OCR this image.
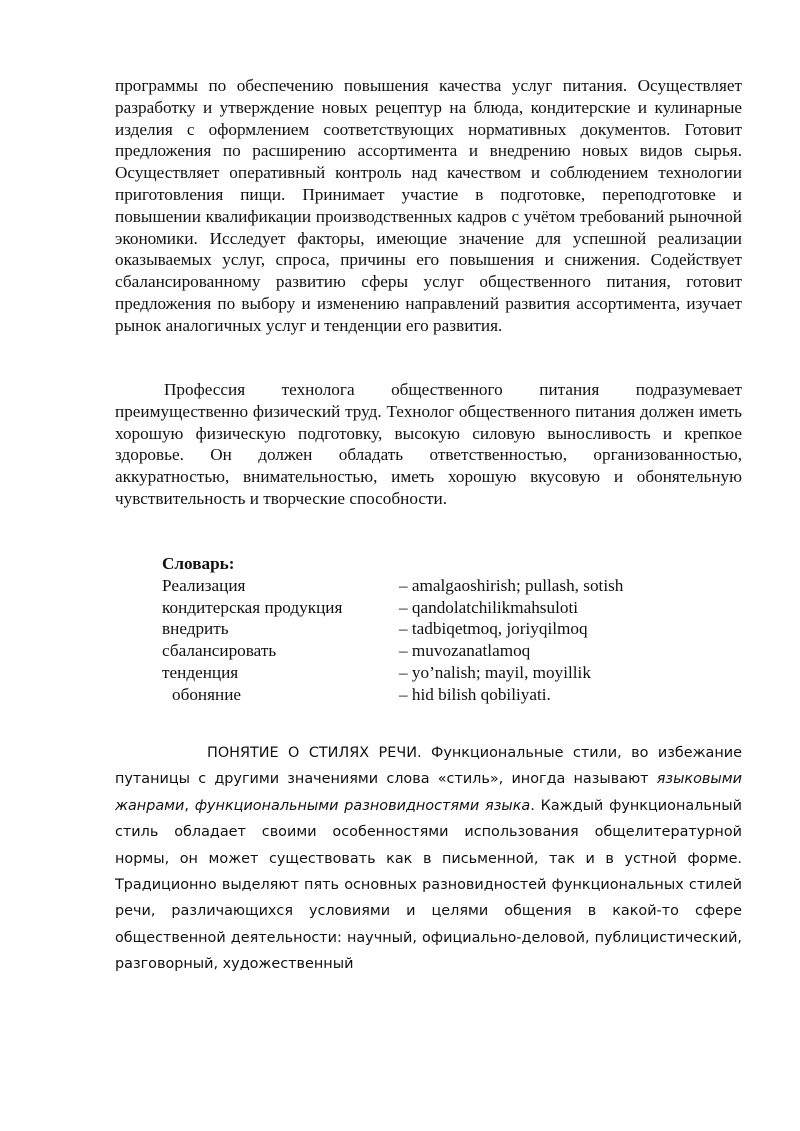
программы по обеспечению повышения качества услуг питания. Осуществляет разработку и утверждение новых рецептур на блюда, кондитерские и кулинарные изделия с оформлением соответствующих нормативных документов. Готовит предложения по расширению ассортимента и внедрению новых видов сырья. Осуществляет оперативный контроль над качеством и соблюдением технологии приготовления пищи. Принимает участие в подготовке, переподготовке и повышении квалификации производственных кадров с учётом требований рыночной экономики. Исследует факторы, имеющие значение для успешной реализации оказываемых услуг, спроса, причины его повышения и снижения. Содействует сбалансированному развитию сферы услуг общественного питания, готовит предложения по выбору и изменению направлений развития ассортимента, изучает рынок аналогичных услуг и тенденции его развития.

Профессия технолога общественного питания подразумевает преимущественно физический труд. Технолог общественного питания должен иметь хорошую физическую подготовку, высокую силовую выносливость и крепкое здоровье. Он должен обладать ответственностью, организованностью, аккуратностью, внимательностью, иметь хорошую вкусовую и обонятельную чувствительность и творческие способности.

Словарь:
Реализация	– amalgaoshirish; pullash, sotish
кондитерская продукция	– qandolatchilikmahsuloti
внедрить	– tadbiqetmoq, joriyqilmoq
сбалансировать	– muvozanatlamoq
тенденция	– yo’nalish; mayil, moyillik
обоняние	– hid bilish qobiliyati.

ПОНЯТИЕ О СТИЛЯХ РЕЧИ. Функциональные стили, во избежание путаницы с другими значениями слова «стиль», иногда называют языковыми жанрами, функциональными разновидностями языка. Каждый функциональный стиль обладает своими особенностями использования общелитературной нормы, он может существовать как в письменной, так и в устной форме. Традиционно выделяют пять основных разновидностей функциональных стилей речи, различающихся условиями и целями общения в какой-то сфере общественной деятельности: научный, официально-деловой, публицистический, разговорный, художественный
